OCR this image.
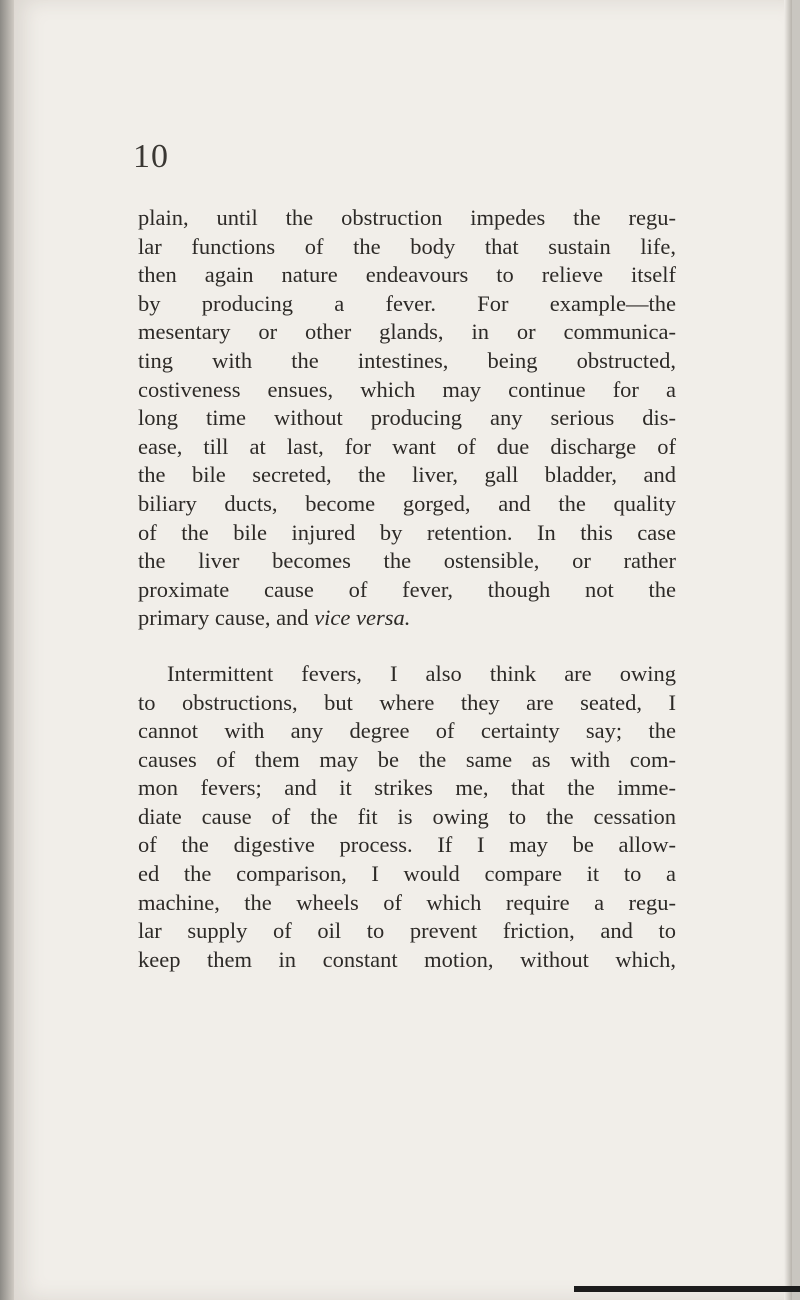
10
plain, until the obstruction impedes the regu-
lar functions of the body that sustain life,
then again nature endeavours to relieve itself
by producing a fever. For example—the
mesentary or other glands, in or communica-
ting with the intestines, being obstructed,
costiveness ensues, which may continue for a
long time without producing any serious dis-
ease, till at last, for want of due discharge of
the bile secreted, the liver, gall bladder, and
biliary ducts, become gorged, and the quality
of the bile injured by retention. In this case
the liver becomes the ostensible, or rather
proximate cause of fever, though not the
primary cause, and vice versa.
Intermittent fevers, I also think are owing
to obstructions, but where they are seated, I
cannot with any degree of certainty say; the
causes of them may be the same as with com-
mon fevers; and it strikes me, that the imme-
diate cause of the fit is owing to the cessation
of the digestive process. If I may be allow-
ed the comparison, I would compare it to a
machine, the wheels of which require a regu-
lar supply of oil to prevent friction, and to
keep them in constant motion, without which,
